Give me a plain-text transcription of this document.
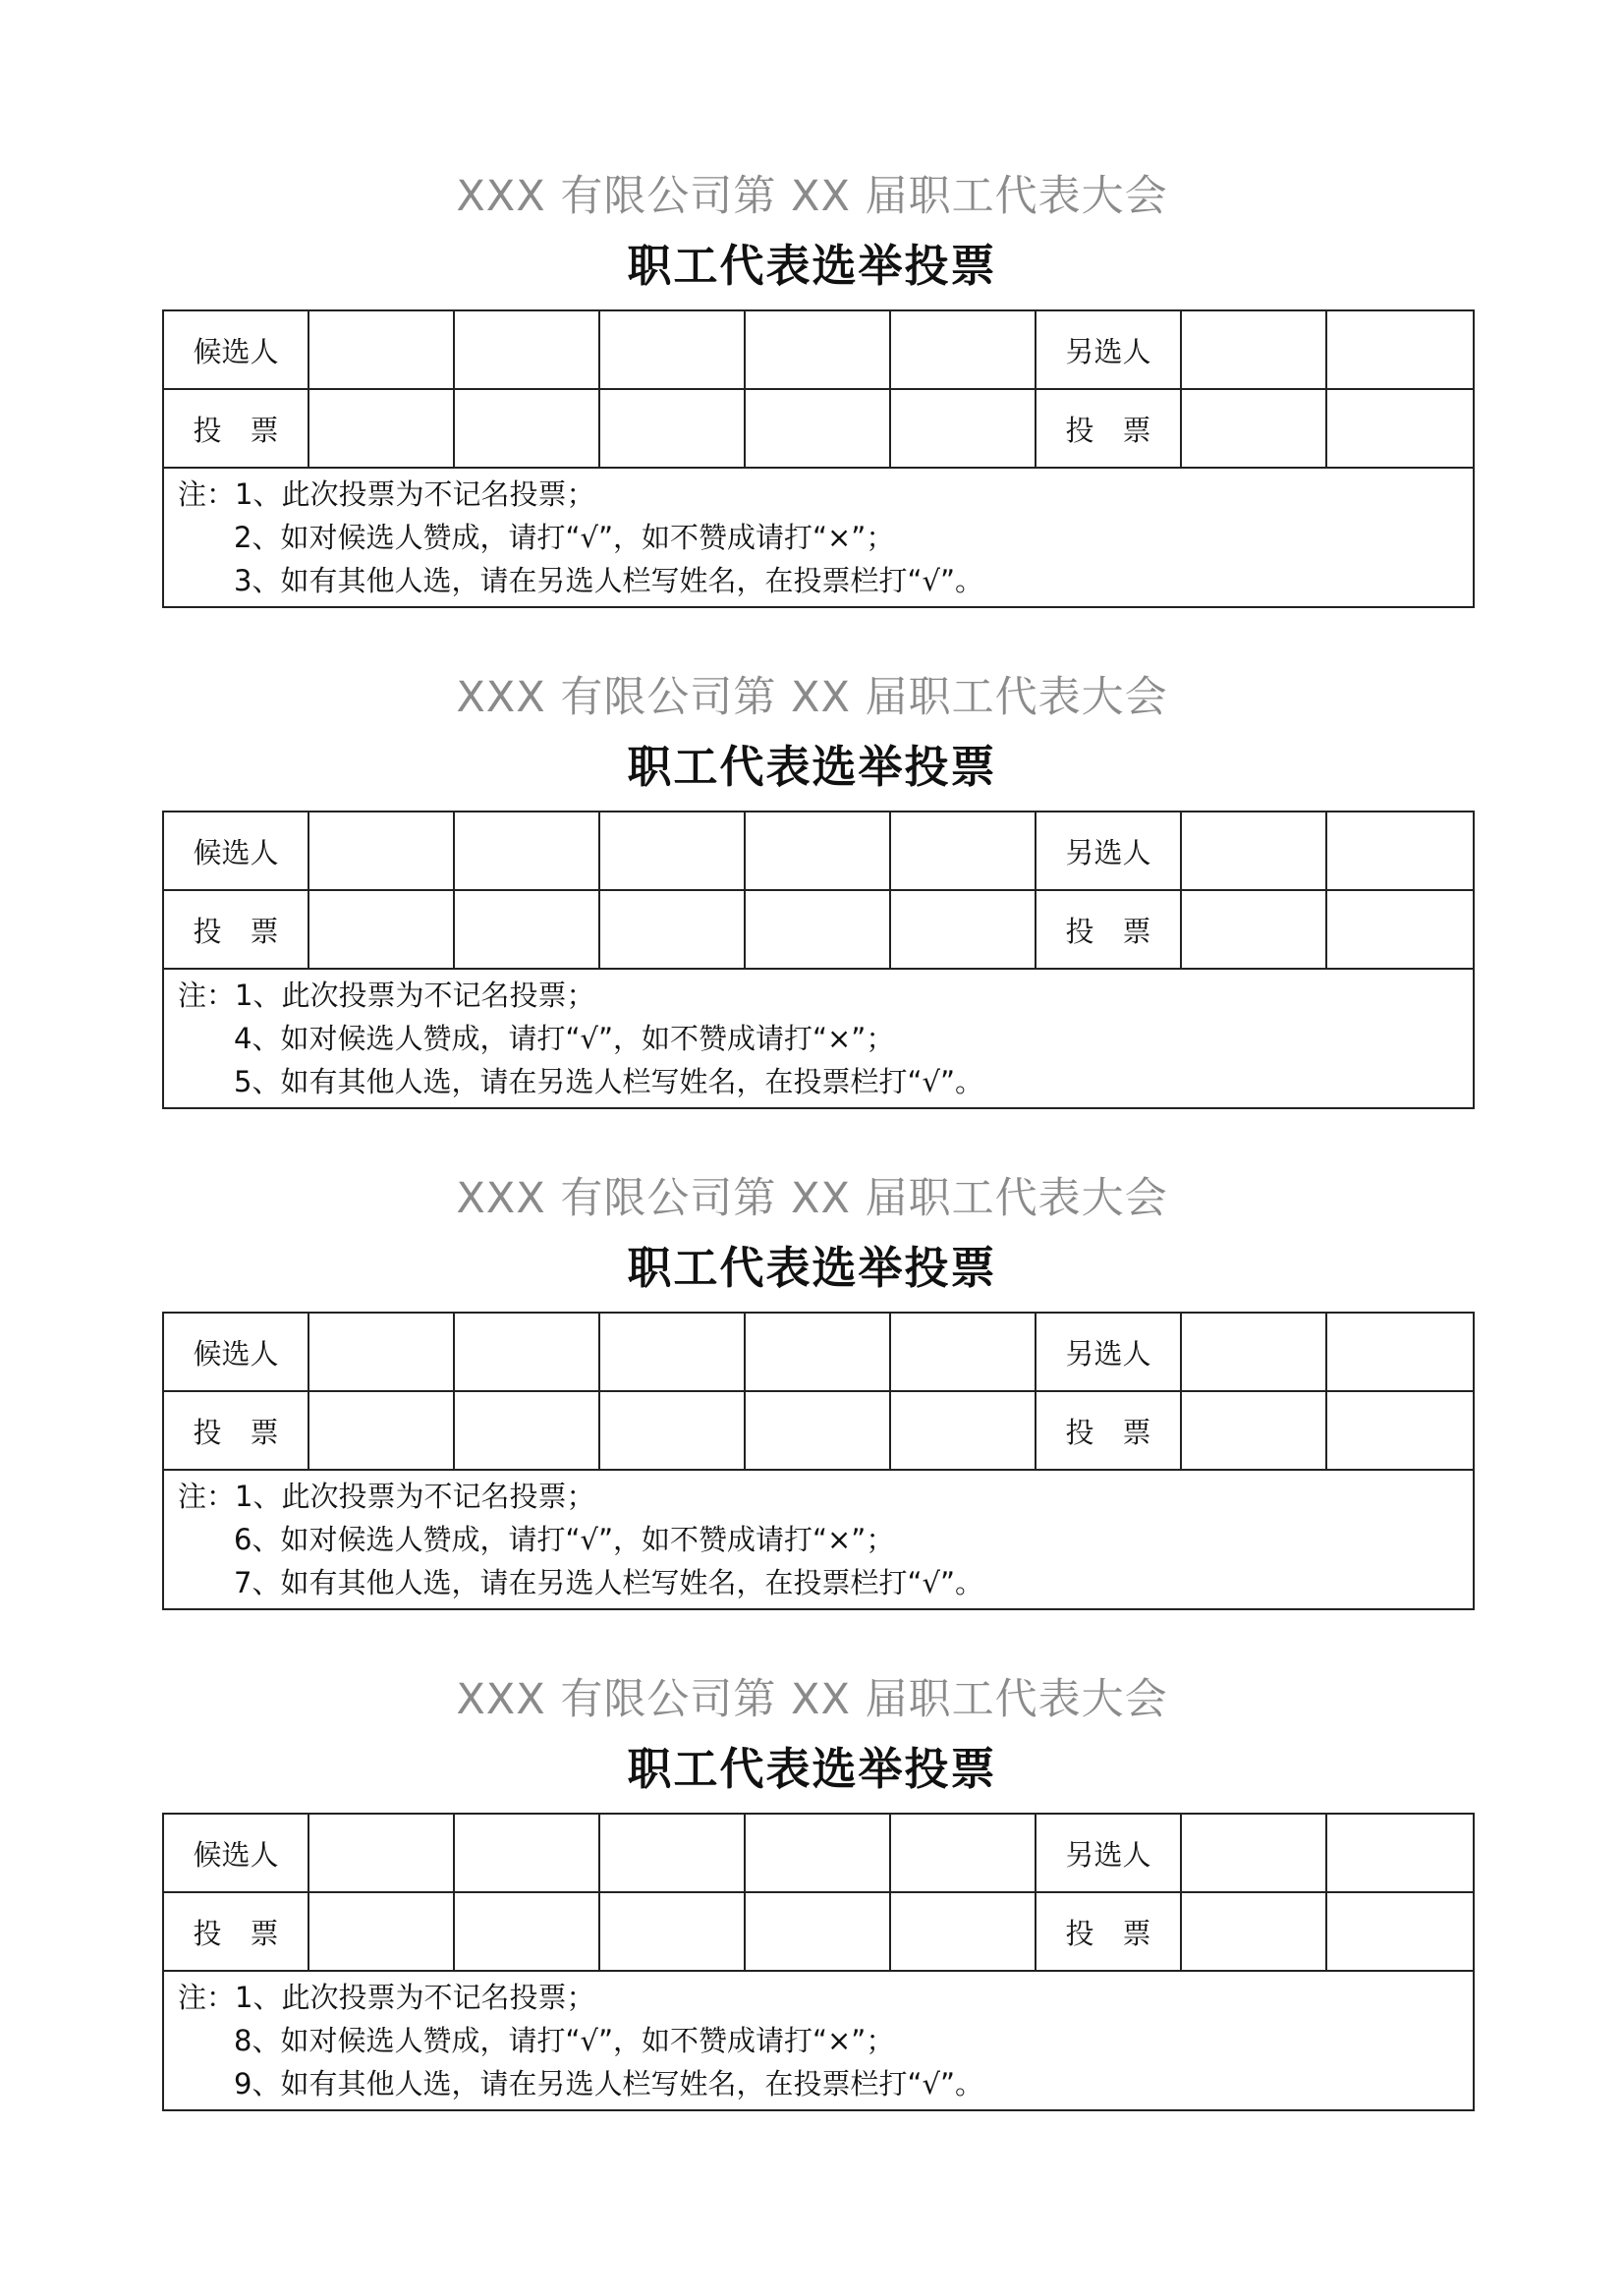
XXX 有限公司第 XX 届职工代表大会
职工代表选举投票
候选人						另选人		
投　票						投　票		

注：1、此次投票为不记名投票；
2、如对候选人赞成，请打“√”，如不赞成请打“×”；
3、如有其他人选，请在另选人栏写姓名，在投票栏打“√”。								
XXX 有限公司第 XX 届职工代表大会
职工代表选举投票
候选人						另选人		
投　票						投　票		

注：1、此次投票为不记名投票；
4、如对候选人赞成，请打“√”，如不赞成请打“×”；
5、如有其他人选，请在另选人栏写姓名，在投票栏打“√”。								
XXX 有限公司第 XX 届职工代表大会
职工代表选举投票
候选人						另选人		
投　票						投　票		

注：1、此次投票为不记名投票；
6、如对候选人赞成，请打“√”，如不赞成请打“×”；
7、如有其他人选，请在另选人栏写姓名，在投票栏打“√”。								
XXX 有限公司第 XX 届职工代表大会
职工代表选举投票
候选人						另选人		
投　票						投　票		

注：1、此次投票为不记名投票；
8、如对候选人赞成，请打“√”，如不赞成请打“×”；
9、如有其他人选，请在另选人栏写姓名，在投票栏打“√”。								
